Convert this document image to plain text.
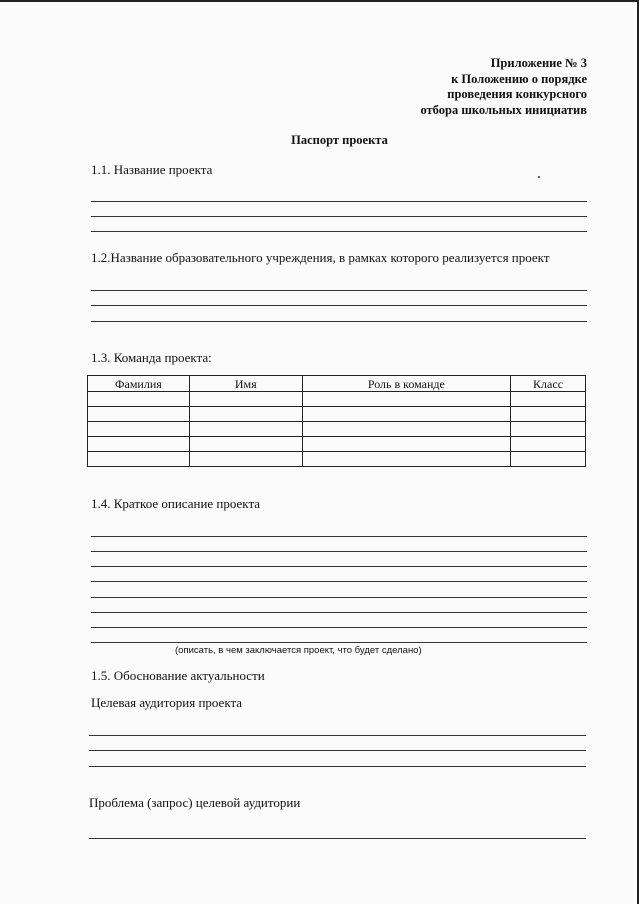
Приложение № 3
к Положению о порядке
проведения конкурсного
отбора школьных инициатив
Паспорт проекта
1.1. Название проекта
1.2.Название образовательного учреждения, в рамках которого реализуется проект
1.3. Команда проекта:
Фамилия	Имя	Роль в команде	Класс

1.4. Краткое описание проекта
(описать, в чем заключается проект, что будет сделано)
1.5. Обоснование актуальности
Целевая аудитория проекта
Проблема (запрос) целевой аудитории
